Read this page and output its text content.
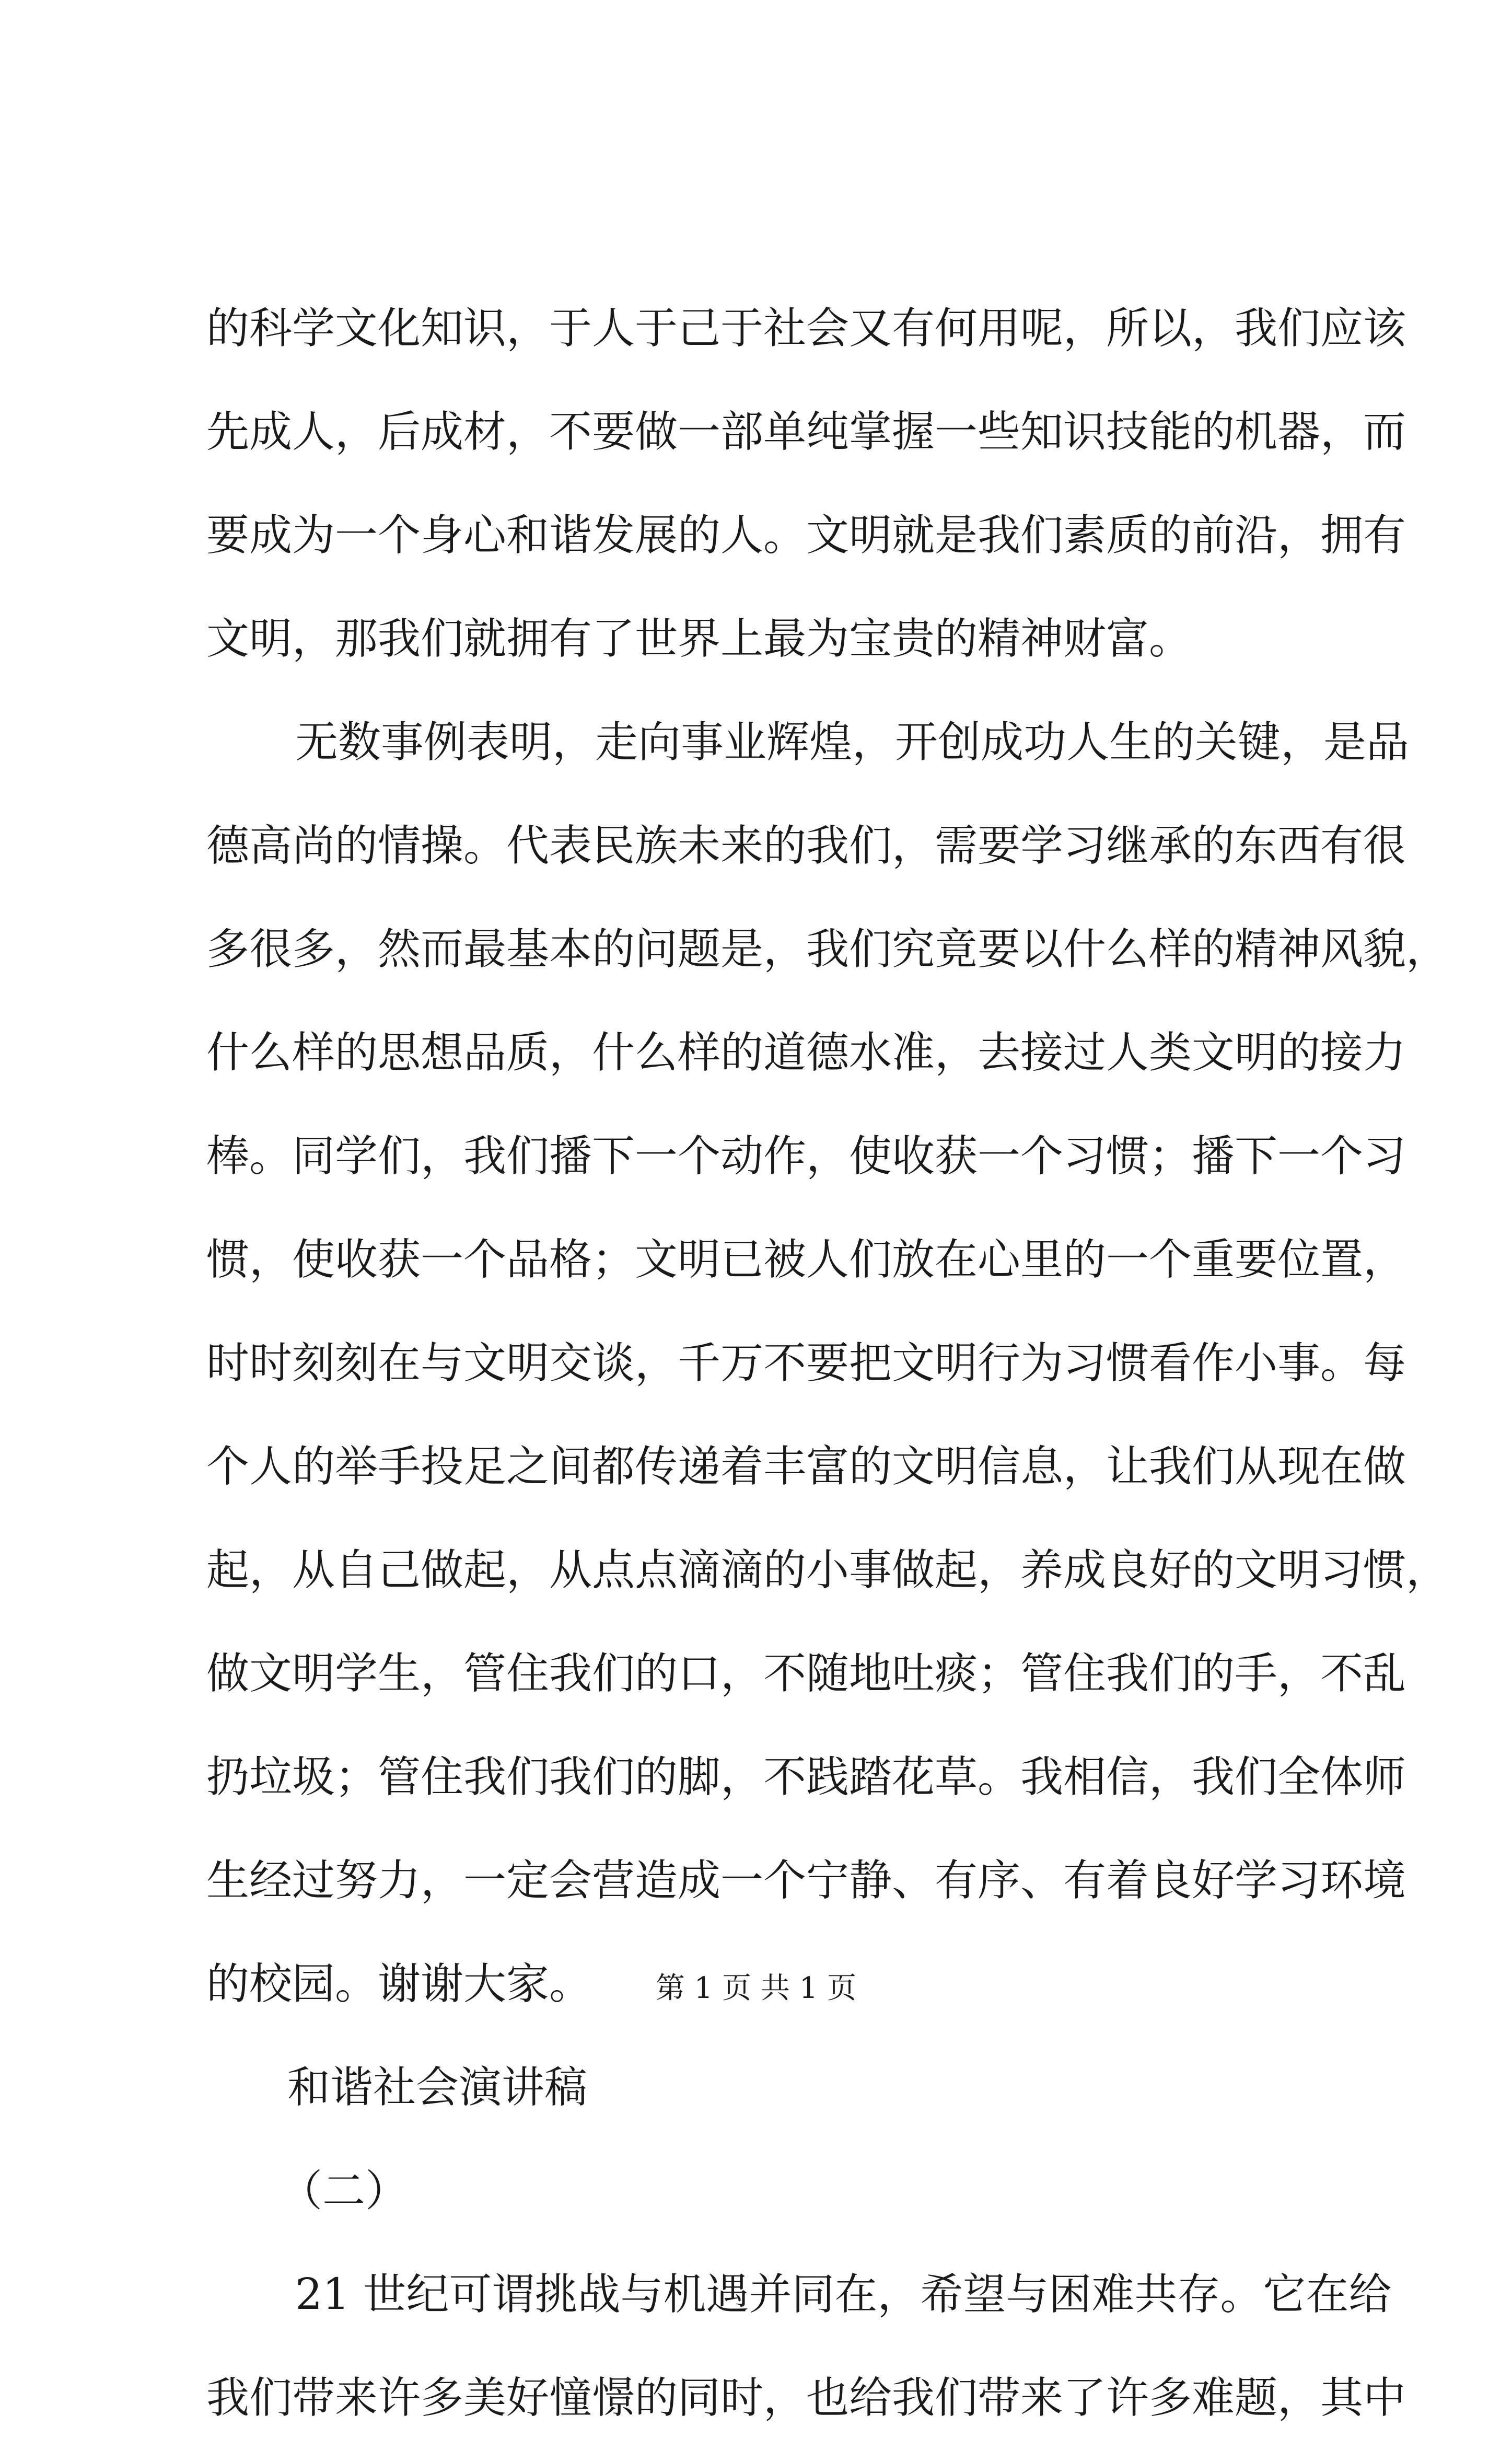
的科学文化知识，于人于己于社会又有何用呢，所以，我们应该
先成人，后成材，不要做一部单纯掌握一些知识技能的机器，而
要成为一个身心和谐发展的人。文明就是我们素质的前沿，拥有
文明，那我们就拥有了世界上最为宝贵的精神财富。
无数事例表明，走向事业辉煌，开创成功人生的关键，是品
德高尚的情操。代表民族未来的我们，需要学习继承的东西有很
多很多，然而最基本的问题是，我们究竟要以什么样的精神风貌，
什么样的思想品质，什么样的道德水准，去接过人类文明的接力
棒。同学们，我们播下一个动作，使收获一个习惯；播下一个习
惯，使收获一个品格；文明已被人们放在心里的一个重要位置，
时时刻刻在与文明交谈，千万不要把文明行为习惯看作小事。每
个人的举手投足之间都传递着丰富的文明信息，让我们从现在做
起，从自己做起，从点点滴滴的小事做起，养成良好的文明习惯，
做文明学生，管住我们的口，不随地吐痰；管住我们的手，不乱
扔垃圾；管住我们我们的脚，不践踏花草。我相信，我们全体师
生经过努力，一定会营造成一个宁静、有序、有着良好学习环境
的校园。谢谢大家。
和谐社会演讲稿
（二）
21 世纪可谓挑战与机遇并同在，希望与困难共存。它在给
我们带来许多美好憧憬的同时，也给我们带来了许多难题，其中
第 1 页 共 1 页
